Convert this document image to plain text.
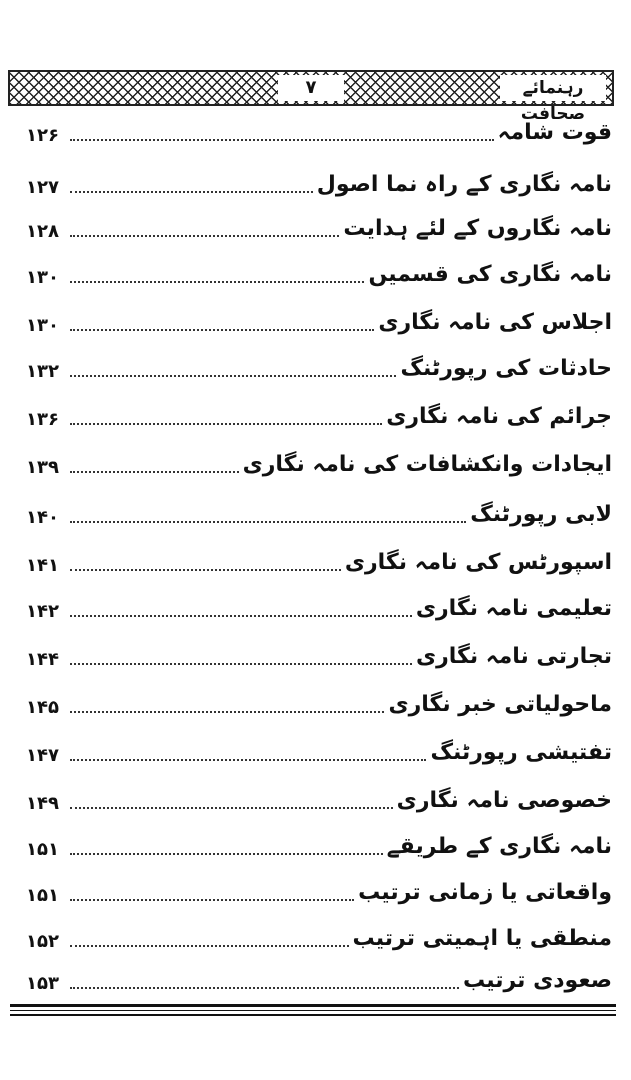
رہنمائے صحافت
۷
قوت شامہ
۱۲۶
نامہ نگاری کے راہ نما اصول
۱۲۷
نامہ نگاروں کے لئے ہدایت
۱۲۸
نامہ نگاری کی قسمیں
۱۳۰
اجلاس کی نامہ نگاری
۱۳۰
حادثات کی رپورٹنگ
۱۳۲
جرائم کی نامہ نگاری
۱۳۶
ایجادات وانکشافات کی نامہ نگاری
۱۳۹
لابی رپورٹنگ
۱۴۰
اسپورٹس کی نامہ نگاری
۱۴۱
تعلیمی نامہ نگاری
۱۴۲
تجارتی نامہ نگاری
۱۴۴
ماحولیاتی خبر نگاری
۱۴۵
تفتیشی رپورٹنگ
۱۴۷
خصوصی نامہ نگاری
۱۴۹
نامہ نگاری کے طریقے
۱۵۱
واقعاتی یا زمانی ترتیب
۱۵۱
منطقی یا اہمیتی ترتیب
۱۵۲
صعودی ترتیب
۱۵۳
